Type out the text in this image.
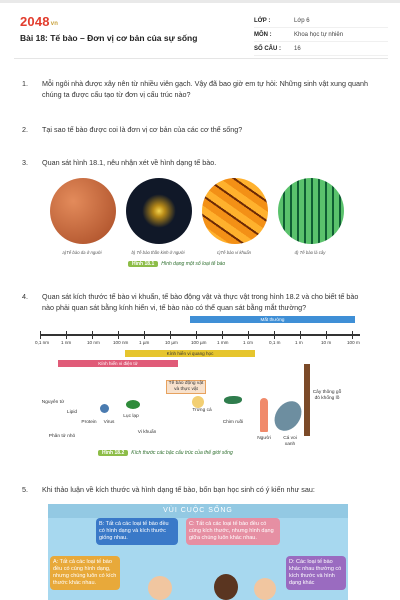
2048vn
Bài 18: Tế bào – Đơn vị cơ bản của sự sống
LỚP :	Lớp 6
MÔN :	Khoa học tự nhiên
SỐ CÂU :	16
1.	Mỗi ngôi nhà được xây nên từ nhiều viên gạch. Vậy đã bao giờ em tự hỏi: Những sinh vật xung quanh chúng ta được cấu tạo từ đơn vị cấu trúc nào?
2.	Tại sao tế bào được coi là đơn vị cơ bản của các cơ thể sống?
3.	Quan sát hình 18.1, nêu nhận xét về hình dạng tế bào.
a)Tế bào da ở người	b) Tế bào thần kinh ở người	c)Tế bào vi khuẩn	d) Tế bào lá cây
Hình 18.1 Hình dạng một số loại tế bào
4.	Quan sát kích thước tế bào vi khuẩn, tế bào động vật và thực vật trong hình 18.2 và cho biết tế bào nào phải quan sát bằng kính hiển vi, tế bào nào có thể quan sát bằng mắt thường?
0,1 nm	1 nm	10 nm	100 nm 1 µm	10 µm	100 µm 1 mm	1 cm	0,1 m	1 m	10 m	100 m
Mắt thường
Kính hiển vi quang học
Kính hiển vi điện tử
Tế bào động vật và thực vật
Nguyên tử
Lipid
Protein
Phân tử nhỏ
Virus
Lục lạp
Vi khuẩn
Trứng cá
Chim ruồi
Người	Cá voi xanh
Cây thông gỗ đỏ khổng lồ
Hình 18.2 Kích thước các bậc cấu trúc của thế giới sống
5.	Khi thảo luận về kích thước và hình dạng tế bào, bốn bạn học sinh có ý kiến như sau:
VÙI CUỘC SỐNG
B: Tất cả các loại tế bào đều có hình dạng và kích thước giống nhau.
C: Tất cả các loại tế bào đều có cùng kích thước, nhưng hình dạng giữa chúng luôn khác nhau.
A: Tất cả các loại tế bào đều có cùng hình dạng, nhưng chúng luôn có kích thước khác nhau.
D: Các loại tế bào khác nhau thường có kích thước và hình dạng khác
